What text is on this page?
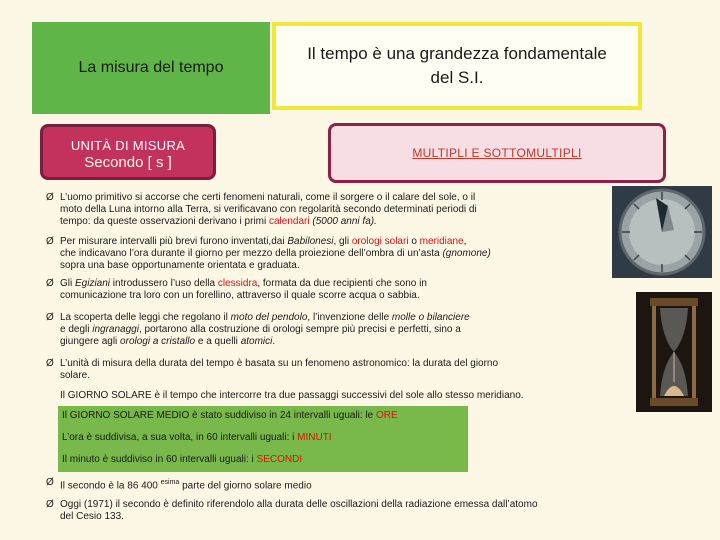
La misura del tempo
Il tempo è una grandezza fondamentale
del S.I.
UNITÀ DI MISURA
Secondo [ s ]
MULTIPLI E SOTTOMULTIPLI
Ø L’uomo primitivo si accorse che certi fenomeni naturali, come il sorgere o il calare del sole, o il
moto della Luna intorno alla Terra, si verificavano con regolarità secondo determinati periodi di
tempo: da queste osservazioni derivano i primi calendari (5000 anni fa).
Ø Per misurare intervalli più brevi furono inventati,dai Babilonesi, gli orologi solari o meridiane,
che indicavano l’ora durante il giorno per mezzo della proiezione dell’ombra di un’asta (gnomone)
sopra una base opportunamente orientata e graduata.
Ø Gli Egiziani introdussero l’uso della clessidra, formata da due recipienti che sono in
comunicazione tra loro con un forellino, attraverso il quale scorre acqua o sabbia.
Ø La scoperta delle leggi che regolano il moto del pendolo, l’invenzione delle molle o bilanciere
e degli ingranaggi, portarono alla costruzione di orologi sempre più precisi e perfetti, sino a
giungere agli orologi a cristallo e a quelli atomici.
Ø L’unità di misura della durata del tempo è basata su un fenomeno astronomico: la durata del giorno
solare.
Il GIORNO SOLARE è il tempo che intercorre tra due passaggi successivi del sole allo stesso meridiano.
Il GIORNO SOLARE MEDIO è stato suddiviso in 24 intervalli uguali: le ORE
L’ora è suddivisa, a sua volta, in 60 intervalli uguali: i MINUTI
Il minuto è suddiviso in 60 intervalli uguali: i SECONDI
Ø Il secondo è la 86 400 $^{esima}$ parte del giorno solare medio
Ø Oggi (1971) il secondo è definito riferendolo alla durata delle oscillazioni della radiazione emessa dall’atomo
del Cesio 133.
